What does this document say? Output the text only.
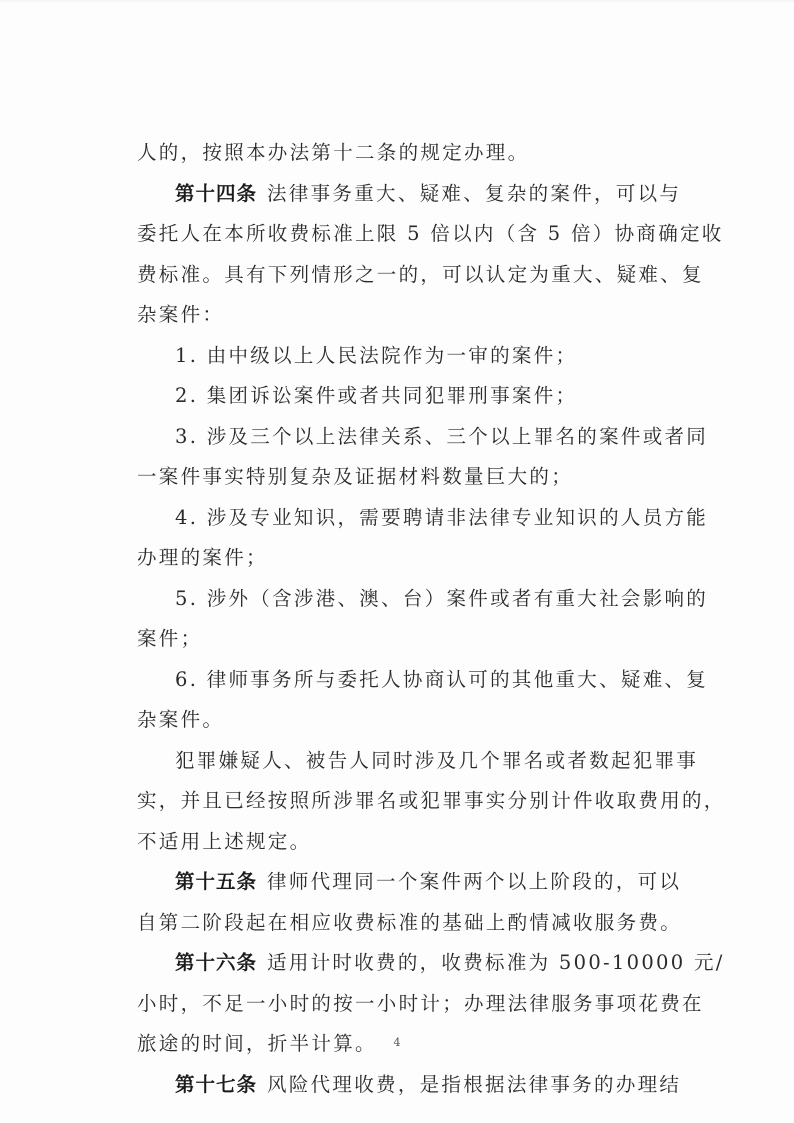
人的，按照本办法第十二条的规定办理。
第十四条 法律事务重大、疑难、复杂的案件，可以与
委托人在本所收费标准上限 5 倍以内（含 5 倍）协商确定收
费标准。具有下列情形之一的，可以认定为重大、疑难、复
杂案件：
1. 由中级以上人民法院作为一审的案件；
2. 集团诉讼案件或者共同犯罪刑事案件；
3. 涉及三个以上法律关系、三个以上罪名的案件或者同
一案件事实特别复杂及证据材料数量巨大的；
4. 涉及专业知识，需要聘请非法律专业知识的人员方能
办理的案件；
5. 涉外（含涉港、澳、台）案件或者有重大社会影响的
案件；
6. 律师事务所与委托人协商认可的其他重大、疑难、复
杂案件。
犯罪嫌疑人、被告人同时涉及几个罪名或者数起犯罪事
实，并且已经按照所涉罪名或犯罪事实分别计件收取费用的，
不适用上述规定。
第十五条 律师代理同一个案件两个以上阶段的，可以
自第二阶段起在相应收费标准的基础上酌情减收服务费。
第十六条 适用计时收费的，收费标准为 500-10000 元/
小时，不足一小时的按一小时计；办理法律服务事项花费在
旅途的时间，折半计算。
第十七条 风险代理收费，是指根据法律事务的办理结
4
